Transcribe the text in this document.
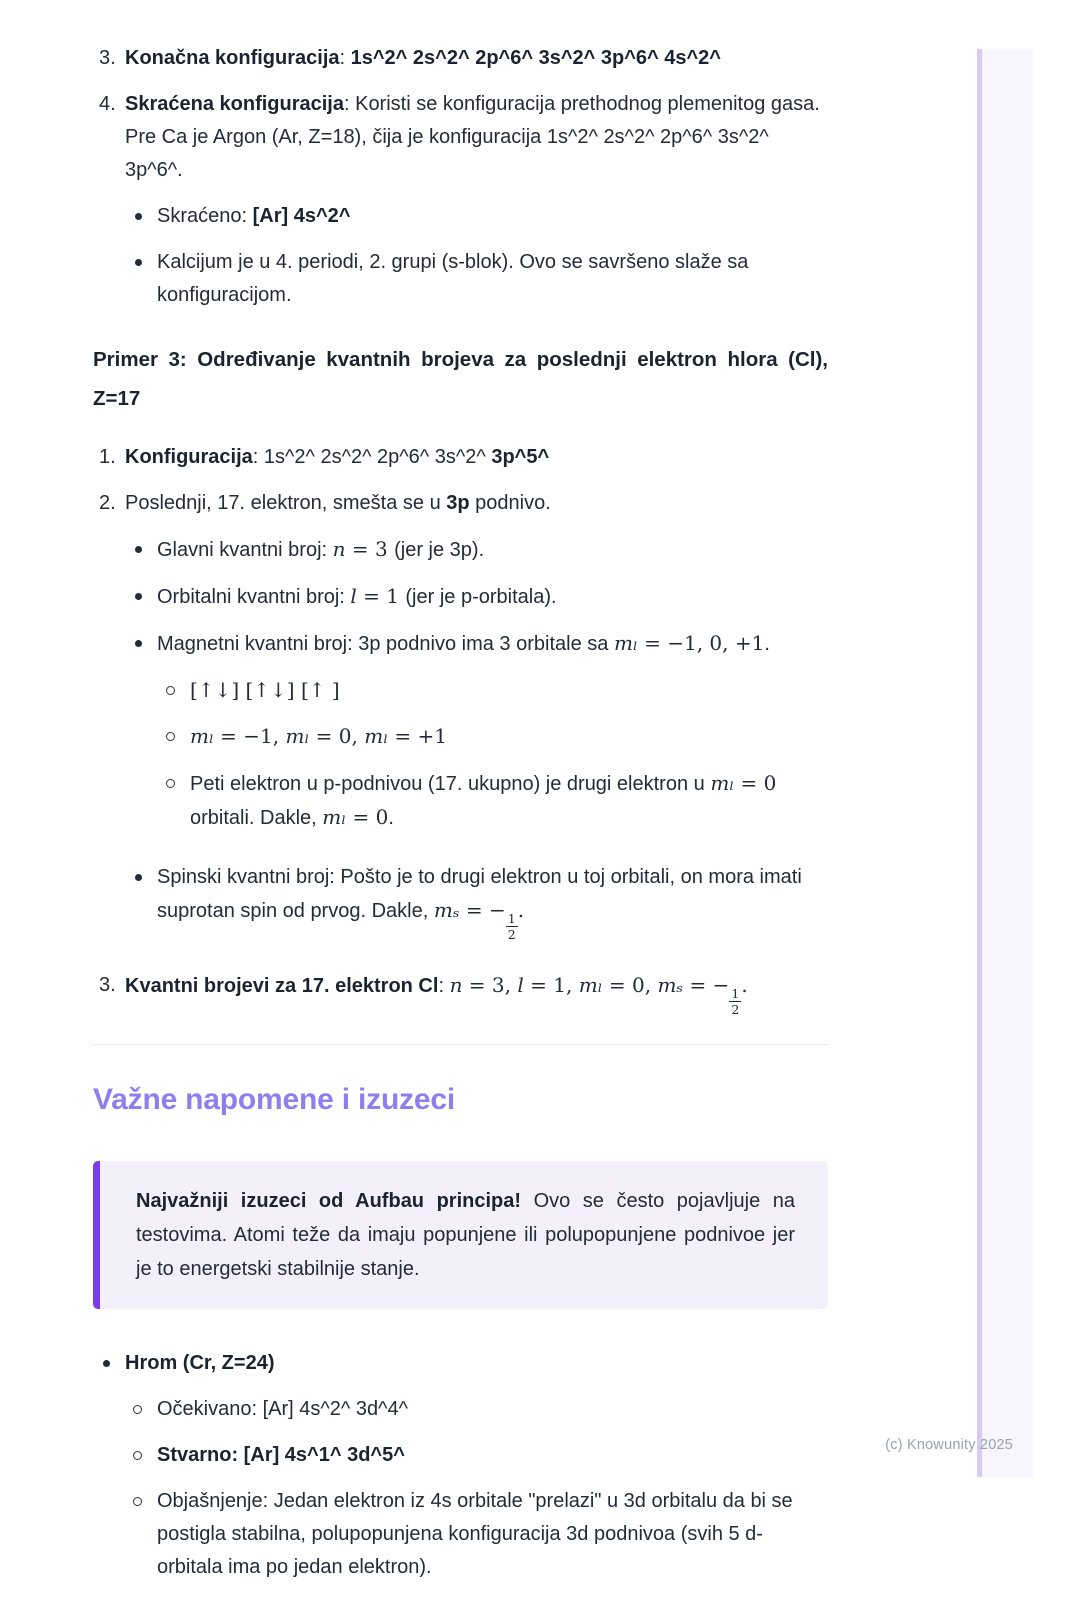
3. Konačna konfiguracija: 1s^2^ 2s^2^ 2p^6^ 3s^2^ 3p^6^ 4s^2^
4. Skraćena konfiguracija: Koristi se konfiguracija prethodnog plemenitog gasa. Pre Ca je Argon (Ar, Z=18), čija je konfiguracija 1s^2^ 2s^2^ 2p^6^ 3s^2^ 3p^6^.
Skraćeno: [Ar] 4s^2^
Kalcijum je u 4. periodi, 2. grupi (s-blok). Ovo se savršeno slaže sa konfiguracijom.

Primer 3: Određivanje kvantnih brojeva za poslednji elektron hlora (Cl), Z=17

1. Konfiguracija: 1s^2^ 2s^2^ 2p^6^ 3s^2^ 3p^5^
2. Poslednji, 17. elektron, smešta se u 3p podnivo.
Glavni kvantni broj: n = 3 (jer je 3p).
Orbitalni kvantni broj: l = 1 (jer je p-orbitala).
Magnetni kvantni broj: 3p podnivo ima 3 orbitale sa mₗ = −1, 0, +1.
[↑↓] [↑↓] [↑ ]
mₗ = −1, mₗ = 0, mₗ = +1
Peti elektron u p-podnivou (17. ukupno) je drugi elektron u mₗ = 0 orbitali. Dakle, mₗ = 0.
Spinski kvantni broj: Pošto je to drugi elektron u toj orbitali, on mora imati suprotan spin od prvog. Dakle, mₛ = −
$\frac{1}{2}$
.
3. Kvantni brojevi za 17. elektron Cl: n = 3, l = 1, mₗ = 0, mₛ = −
$\frac{1}{2}$
.
Važne napomene i izuzeci
Najvažniji izuzeci od Aufbau principa! Ovo se često pojavljuje na testovima. Atomi teže da imaju popunjene ili polupopunjene podnivoe jer je to energetski stabilnije stanje.
Hrom (Cr, Z=24)
Očekivano: [Ar] 4s^2^ 3d^4^
Stvarno: [Ar] 4s^1^ 3d^5^
Objašnjenje: Jedan elektron iz 4s orbitale "prelazi" u 3d orbitalu da bi se postigla stabilna, polupopunjena konfiguracija 3d podnivoa (svih 5 d-orbitala ima po jedan elektron).
(c) Knowunity 2025
